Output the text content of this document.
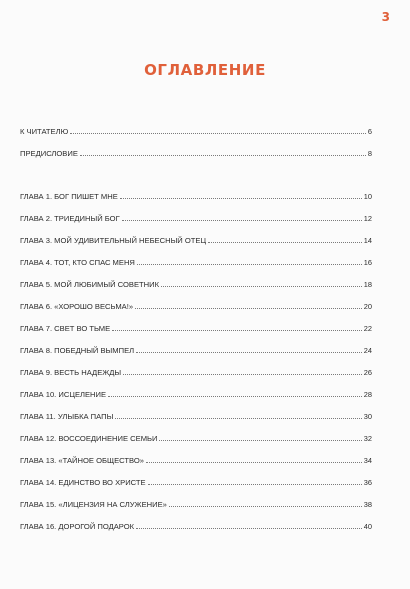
3
ОГЛАВЛЕНИЕ
К ЧИТАТЕЛЮ	6
ПРЕДИСЛОВИЕ	8
ГЛАВА 1. БОГ ПИШЕТ МНЕ	10
ГЛАВА 2. ТРИЕДИНЫЙ БОГ	12
ГЛАВА 3. МОЙ УДИВИТЕЛЬНЫЙ НЕБЕСНЫЙ ОТЕЦ	14
ГЛАВА 4. ТОТ, КТО СПАС МЕНЯ	16
ГЛАВА 5. МОЙ ЛЮБИМЫЙ СОВЕТНИК	18
ГЛАВА 6. «ХОРОШО ВЕСЬМА!»	20
ГЛАВА 7. СВЕТ ВО ТЬМЕ	22
ГЛАВА 8. ПОБЕДНЫЙ ВЫМПЕЛ	24
ГЛАВА 9. ВЕСТЬ НАДЕЖДЫ	26
ГЛАВА 10. ИСЦЕЛЕНИЕ	28
ГЛАВА 11. УЛЫБКА ПАПЫ	30
ГЛАВА 12. ВОССОЕДИНЕНИЕ СЕМЬИ	32
ГЛАВА 13. «ТАЙНОЕ ОБЩЕСТВО»	34
ГЛАВА 14. ЕДИНСТВО ВО ХРИСТЕ	36
ГЛАВА 15. «ЛИЦЕНЗИЯ НА СЛУЖЕНИЕ»	38
ГЛАВА 16. ДОРОГОЙ ПОДАРОК	40
